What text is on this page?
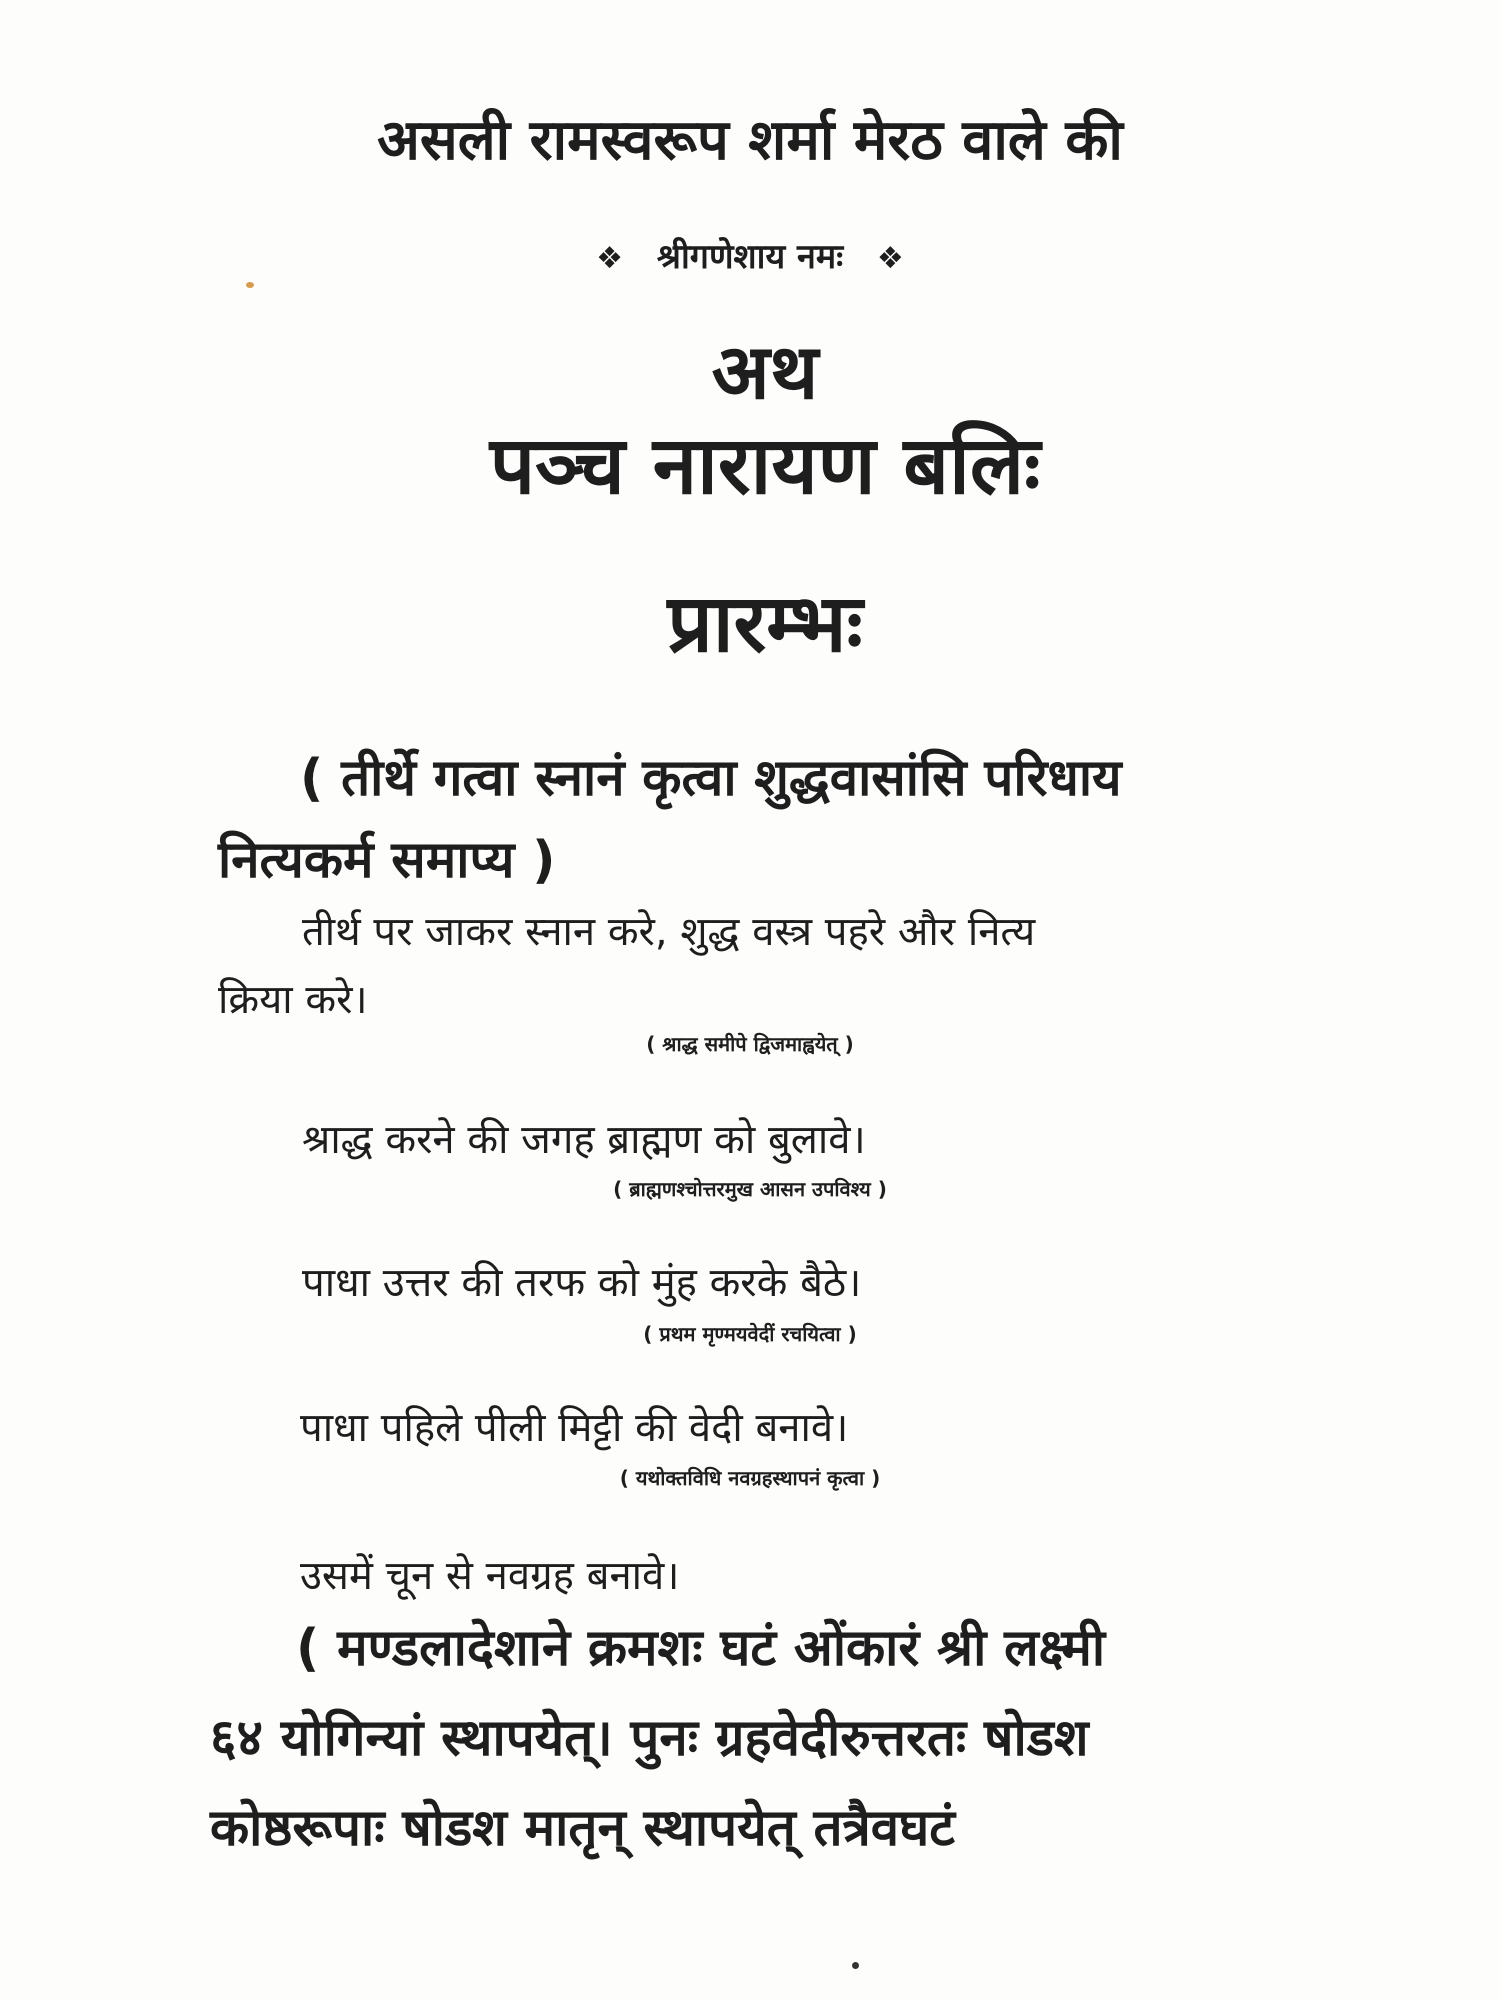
असली रामस्वरूप शर्मा मेरठ वाले की
❖ श्रीगणेशाय नमः ❖
अथ
पञ्च नारायण बलिः
प्रारम्भः
( तीर्थे गत्वा स्नानं कृत्वा शुद्धवासांसि परिधाय
नित्यकर्म समाप्य )
तीर्थ पर जाकर स्नान करे, शुद्ध वस्त्र पहरे और नित्य
क्रिया करे।
( श्राद्ध समीपे द्विजमाह्वयेत् )
श्राद्ध करने की जगह ब्राह्मण को बुलावे।
( ब्राह्मणश्चोत्तरमुख आसन उपविश्य )
पाधा उत्तर की तरफ को मुंह करके बैठे।
( प्रथम मृण्मयवेदीं रचयित्वा )
पाधा पहिले पीली मिट्टी की वेदी बनावे।
( यथोक्तविधि नवग्रहस्थापनं कृत्वा )
उसमें चून से नवग्रह बनावे।
( मण्डलादेशाने क्रमशः घटं ओंकारं श्री लक्ष्मी
६४ योगिन्यां स्थापयेत्। पुनः ग्रहवेदीरुत्तरतः षोडश
कोष्ठरूपाः षोडश मातृन् स्थापयेत् तत्रैवघटं
